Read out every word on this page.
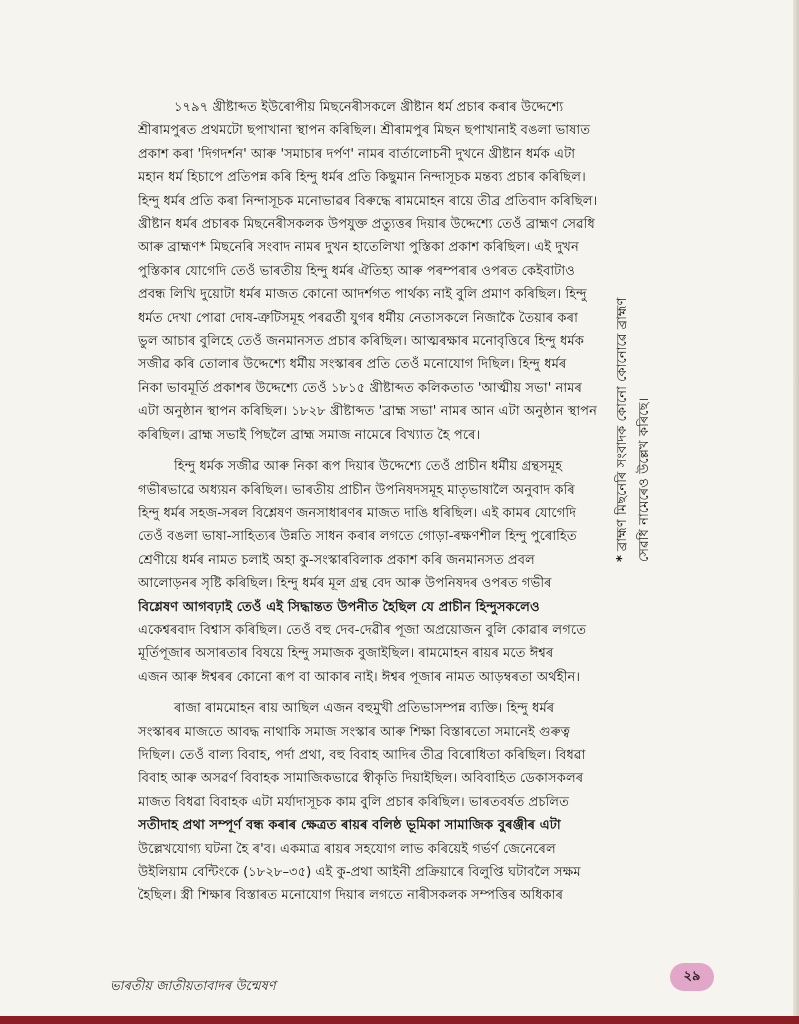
১৭৯৭ খ্ৰীষ্টাব্দত ইউৰোপীয় মিছনেৰীসকলে খ্ৰীষ্টান ধৰ্ম প্ৰচাৰ কৰাৰ উদ্দেশ্যে
শ্ৰীৰামপুৰত প্ৰথমটো ছপাখানা স্থাপন কৰিছিল। শ্ৰীৰামপুৰ মিছন ছপাখানাই বঙলা ভাষাত
প্ৰকাশ কৰা 'দিগদৰ্শন' আৰু 'সমাচাৰ দৰ্পণ' নামৰ বাৰ্তালোচনী দুখনে খ্ৰীষ্টান ধৰ্মক এটা
মহান ধৰ্ম হিচাপে প্ৰতিপন্ন কৰি হিন্দু ধৰ্মৰ প্ৰতি কিছুমান নিন্দাসূচক মন্তব্য প্ৰচাৰ কৰিছিল।
হিন্দু ধৰ্মৰ প্ৰতি কৰা নিন্দাসূচক মনোভাৱৰ বিৰুদ্ধে ৰামমোহন ৰায়ে তীব্ৰ প্ৰতিবাদ কৰিছিল।
খ্ৰীষ্টান ধৰ্মৰ প্ৰচাৰক মিছনেৰীসকলক উপযুক্ত প্ৰত্যুত্তৰ দিয়াৰ উদ্দেশ্যে তেওঁ ব্ৰাহ্মণ সেৱধি
আৰু ব্ৰাহ্মণ* মিছনেৰি সংবাদ নামৰ দুখন হাতেলিখা পুস্তিকা প্ৰকাশ কৰিছিল। এই দুখন
পুস্তিকাৰ যোগেদি তেওঁ ভাৰতীয় হিন্দু ধৰ্মৰ ঐতিহ্য আৰু পৰম্পৰাৰ ওপৰত কেইবাটাও
প্ৰবন্ধ লিখি দুয়োটা ধৰ্মৰ মাজত কোনো আদৰ্শগত পাৰ্থক্য নাই বুলি প্ৰমাণ কৰিছিল। হিন্দু
ধৰ্মত দেখা পোৱা দোষ-ত্ৰুটিসমূহ পৰৱৰ্তী যুগৰ ধৰ্মীয় নেতাসকলে নিজাকৈ তৈয়াৰ কৰা
ভুল আচাৰ বুলিহে তেওঁ জনমানসত প্ৰচাৰ কৰিছিল। আত্মৰক্ষাৰ মনোবৃত্তিৰে হিন্দু ধৰ্মক
সজীৱ কৰি তোলাৰ উদ্দেশ্যে ধৰ্মীয় সংস্কাৰৰ প্ৰতি তেওঁ মনোযোগ দিছিল। হিন্দু ধৰ্মৰ
নিকা ভাবমূৰ্তি প্ৰকাশৰ উদ্দেশ্যে তেওঁ ১৮১৫ খ্ৰীষ্টাব্দত কলিকতাত 'আত্মীয় সভা' নামৰ
এটা অনুষ্ঠান স্থাপন কৰিছিল। ১৮২৮ খ্ৰীষ্টাব্দত 'ব্ৰাহ্ম সভা' নামৰ আন এটা অনুষ্ঠান স্থাপন
কৰিছিল। ব্ৰাহ্ম সভাই পিছলৈ ব্ৰাহ্ম সমাজ নামেৰে বিখ্যাত হৈ পৰে।

হিন্দু ধৰ্মক সজীৱ আৰু নিকা ৰূপ দিয়াৰ উদ্দেশ্যে তেওঁ প্ৰাচীন ধৰ্মীয় গ্ৰন্থসমূহ
গভীৰভাৱে অধ্যয়ন কৰিছিল। ভাৰতীয় প্ৰাচীন উপনিষদসমূহ মাতৃভাষালৈ অনুবাদ কৰি
হিন্দু ধৰ্মৰ সহজ-সৰল বিশ্লেষণ জনসাধাৰণৰ মাজত দাঙি ধৰিছিল। এই কামৰ যোগেদি
তেওঁ বঙলা ভাষা-সাহিত্যৰ উন্নতি সাধন কৰাৰ লগতে গোড়া-ৰক্ষণশীল হিন্দু পুৰোহিত
শ্ৰেণীয়ে ধৰ্মৰ নামত চলাই অহা কু-সংস্কাৰবিলাক প্ৰকাশ কৰি জনমানসত প্ৰবল
আলোড়নৰ সৃষ্টি কৰিছিল। হিন্দু ধৰ্মৰ মূল গ্ৰন্থ বেদ আৰু উপনিষদৰ ওপৰত গভীৰ
বিশ্লেষণ আগবঢ়াই তেওঁ এই সিদ্ধান্তত উপনীত হৈছিল যে প্ৰাচীন হিন্দুসকলেও
একেশ্বৰবাদ বিশ্বাস কৰিছিল। তেওঁ বহু দেব-দেৱীৰ পূজা অপ্ৰয়োজন বুলি কোৱাৰ লগতে
মূৰ্তিপূজাৰ অসাৰতাৰ বিষয়ে হিন্দু সমাজক বুজাইছিল। ৰামমোহন ৰায়ৰ মতে ঈশ্বৰ
এজন আৰু ঈশ্বৰৰ কোনো ৰূপ বা আকাৰ নাই। ঈশ্বৰ পূজাৰ নামত আড়ম্বৰতা অৰ্থহীন।

ৰাজা ৰামমোহন ৰায় আছিল এজন বহুমুখী প্ৰতিভাসম্পন্ন ব্যক্তি। হিন্দু ধৰ্মৰ
সংস্কাৰৰ মাজতে আবদ্ধ নাথাকি সমাজ সংস্কাৰ আৰু শিক্ষা বিস্তাৰতো সমানেই গুৰুত্ব
দিছিল। তেওঁ বাল্য বিবাহ, পৰ্দা প্ৰথা, বহু বিবাহ আদিৰ তীব্ৰ বিৰোধিতা কৰিছিল। বিধৱা
বিবাহ আৰু অসৱৰ্ণ বিবাহক সামাজিকভাৱে স্বীকৃতি দিয়াইছিল। অবিবাহিত ডেকাসকলৰ
মাজত বিধৱা বিবাহক এটা মৰ্যাদাসূচক কাম বুলি প্ৰচাৰ কৰিছিল। ভাৰতবৰ্ষত প্ৰচলিত
সতীদাহ প্ৰথা সম্পূৰ্ণ বন্ধ কৰাৰ ক্ষেত্ৰত ৰায়ৰ বলিষ্ঠ ভূমিকা সামাজিক বুৰঞ্জীৰ এটা
উল্লেখযোগ্য ঘটনা হৈ ৰ'ব। একমাত্ৰ ৰায়ৰ সহযোগ লাভ কৰিয়েই গৰ্ভৰ্ণ জেনেৰেল
উইলিয়াম বেন্টিংকে (১৮২৮–৩৫) এই কু-প্ৰথা আইনী প্ৰক্ৰিয়াৰে বিলুপ্তি ঘটাবলৈ সক্ষম
হৈছিল। স্ত্ৰী শিক্ষাৰ বিস্তাৰত মনোযোগ দিয়াৰ লগতে নাৰীসকলক সম্পত্তিৰ অধিকাৰ

*ব্ৰাহ্মণ মিছনেৰি সংবাদক কোনো কোনোৱে ব্ৰাহ্মণ সেৱধি নামেৰেও উল্লেখ কৰিছে।
ভাৰতীয় জাতীয়তাবাদৰ উন্মেষণ
২৯
